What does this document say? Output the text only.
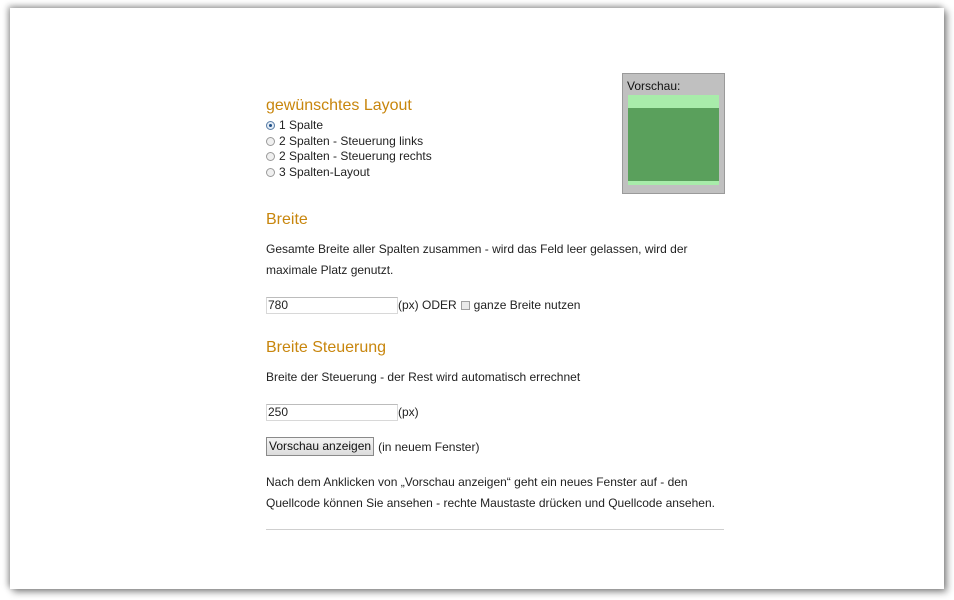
gewünschtes Layout
1 Spalte
2 Spalten - Steuerung links
2 Spalten - Steuerung rechts
3 Spalten-Layout
Breite
Gesamte Breite aller Spalten zusammen - wird das Feld leer gelassen, wird der
maximale Platz genutzt.
780	(px) ODER ganze Breite nutzen
Breite Steuerung
Breite der Steuerung - der Rest wird automatisch errechnet
250	(px)
Vorschau anzeigen (in neuem Fenster)
Nach dem Anklicken von „Vorschau anzeigen“ geht ein neues Fenster auf - den
Quellcode können Sie ansehen - rechte Maustaste drücken und Quellcode ansehen.
Vorschau:
